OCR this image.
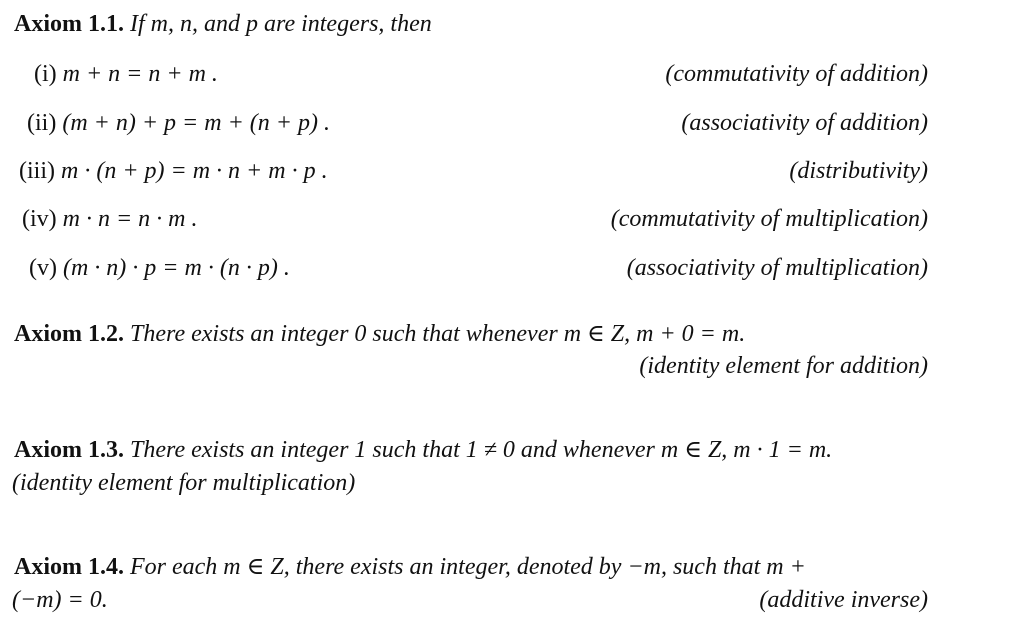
Axiom 1.1. If m, n, and p are integers, then
(i) m + n = n + m .	(commutativity of addition)
(ii) (m + n) + p = m + (n + p) .	(associativity of addition)
(iii) m · (n + p) = m · n + m · p .	(distributivity)
(iv) m · n = n · m .	(commutativity of multiplication)
(v) (m · n) · p = m · (n · p) .	(associativity of multiplication)
Axiom 1.2. There exists an integer 0 such that whenever m ∈ Z, m + 0 = m.
(identity element for addition)
Axiom 1.3. There exists an integer 1 such that 1 ≠ 0 and whenever m ∈ Z, m · 1 = m.
(identity element for multiplication)
Axiom 1.4. For each m ∈ Z, there exists an integer, denoted by −m, such that m +
(−m) = 0.	(additive inverse)
